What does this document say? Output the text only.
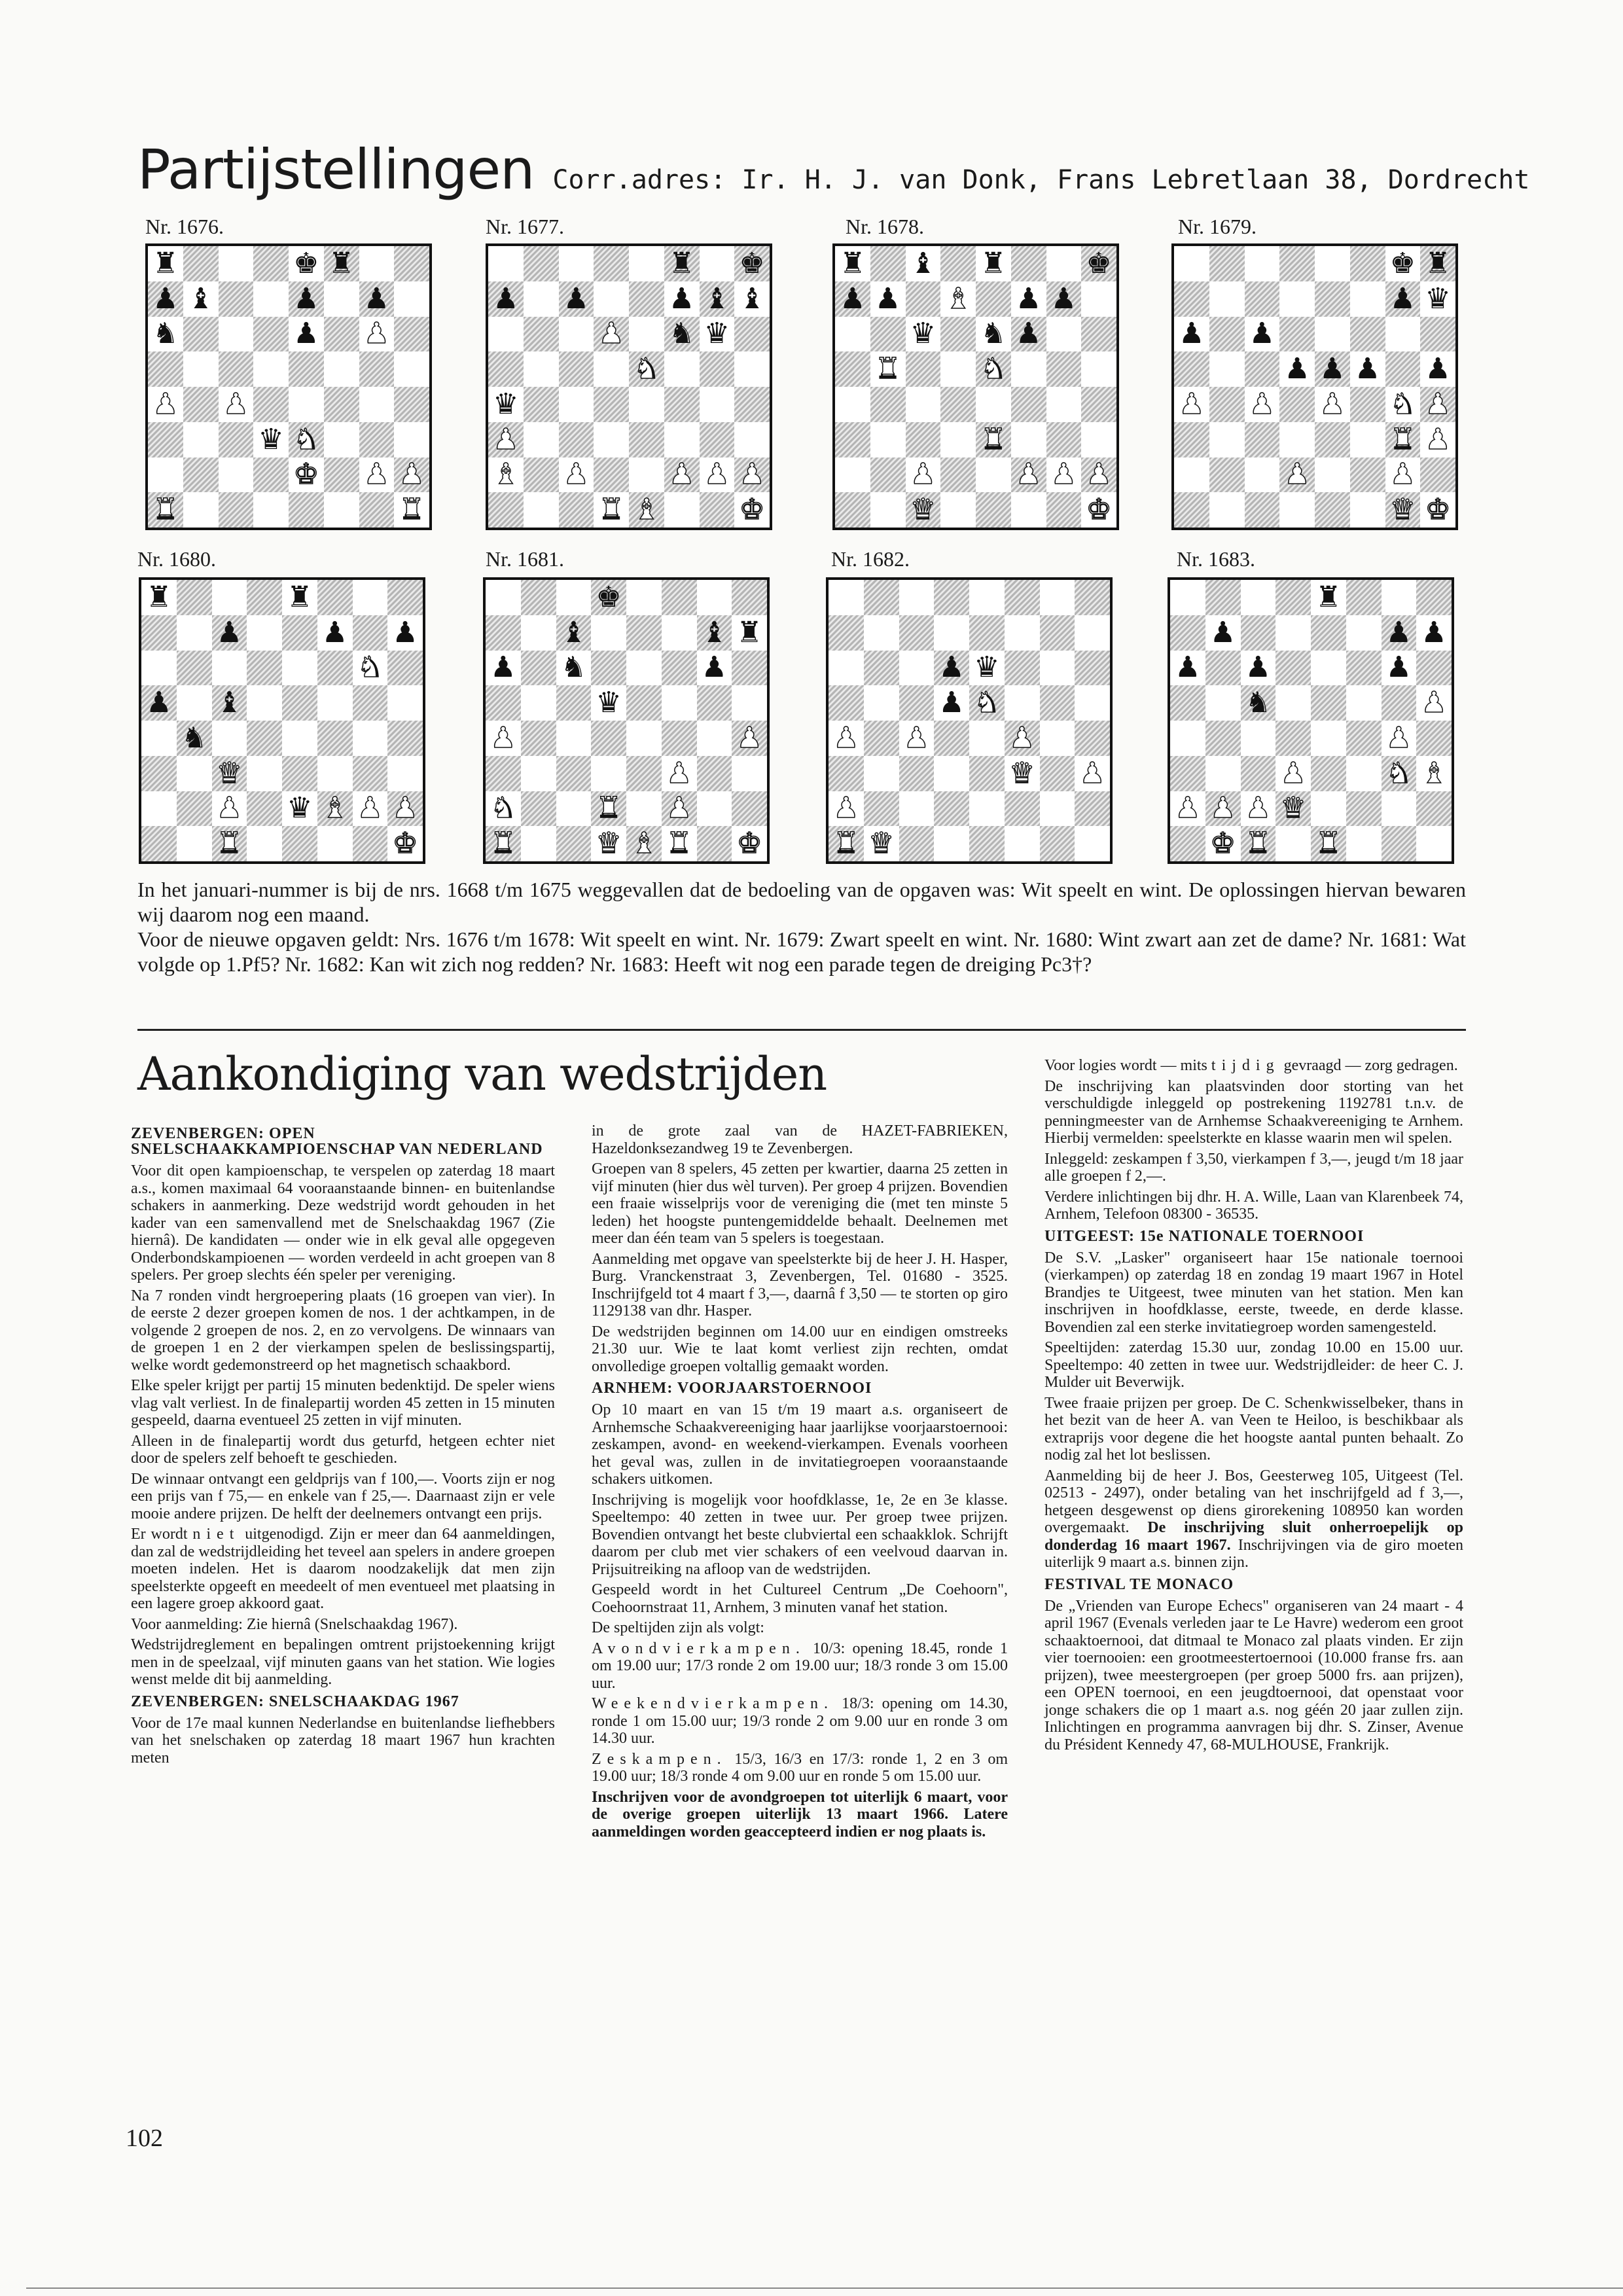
Partijstellingen Corr.adres: Ir. H. J. van Donk, Frans Lebretlaan 38, Dordrecht
Nr. 1676.
♜	♚ ♜
♟ ♝	♟ ♟
♞	♟ ♟
♟ ♟
♛ ♞
♚ ♟ ♟
♜	♜
Nr. 1677.
♜ ♚
♟ ♟	♟ ♝ ♝
♟ ♞ ♛
♞
♛
♟
♝ ♟	♟ ♟ ♟
♜ ♝	♚
Nr. 1678.
♜ ♝ ♜	♚
♟ ♟ ♝ ♟ ♟
♛ ♞ ♟
♜	♞
♜
♟	♟ ♟ ♟
♛	♚
Nr. 1679.
♚ ♜
♟ ♛
♟ ♟
♟ ♟ ♟ ♟
♟ ♟ ♟ ♞ ♟
♜ ♟
♟	♟
♛ ♚
Nr. 1680.
♜	♜
♟	♟ ♟
♞
♟ ♝
♞
♛
♟ ♛ ♝ ♟ ♟
♜	♚
Nr. 1681.
♚
♝	♝ ♜
♟ ♞	♟
♛
♟	♟
♟
♞	♜ ♟
♜	♛ ♝ ♜ ♚
Nr. 1682.
♟ ♛
♟ ♞
♟ ♟	♟
♛ ♟
♟
♜ ♛
Nr. 1683.
♜
♟	♟ ♟
♟ ♟	♟
♞	♟
♟
♟	♞ ♝
♟ ♟ ♟ ♛
♚ ♜ ♜
In het januari-nummer is bij de nrs. 1668 t/m 1675 weggevallen dat de bedoeling van de opgaven was: Wit speelt en wint. De oplossingen hiervan bewaren wij daarom nog een maand.
Voor de nieuwe opgaven geldt: Nrs. 1676 t/m 1678: Wit speelt en wint. Nr. 1679: Zwart speelt en wint. Nr. 1680: Wint zwart aan zet de dame? Nr. 1681: Wat volgde op 1.Pf5? Nr. 1682: Kan wit zich nog redden? Nr. 1683: Heeft wit nog een parade tegen de dreiging Pc3†?
Aankondiging van wedstrijden
ZEVENBERGEN: OPEN SNELSCHAAKKAMPIOENSCHAP VAN NEDERLAND

Voor dit open kampioenschap, te verspelen op zaterdag 18 maart a.s., komen maximaal 64 vooraanstaande binnen- en buitenlandse schakers in aanmerking. Deze wedstrijd wordt gehouden in het kader van een samenvallend met de Snelschaakdag 1967 (Zie hiernâ). De kandidaten — onder wie in elk geval alle opgegeven Onderbondskampioenen — worden verdeeld in acht groepen van 8 spelers. Per groep slechts één speler per vereniging.

Na 7 ronden vindt hergroepering plaats (16 groepen van vier). In de eerste 2 dezer groepen komen de nos. 1 der achtkampen, in de volgende 2 groepen de nos. 2, en zo vervolgens. De winnaars van de groepen 1 en 2 der vierkampen spelen de beslissingspartij, welke wordt gedemonstreerd op het magnetisch schaakbord.

Elke speler krijgt per partij 15 minuten bedenktijd. De speler wiens vlag valt verliest. In de finalepartij worden 45 zetten in 15 minuten gespeeld, daarna eventueel 25 zetten in vijf minuten.

Alleen in de finalepartij wordt dus geturfd, hetgeen echter niet door de spelers zelf behoeft te geschieden.

De winnaar ontvangt een geldprijs van f 100,—. Voorts zijn er nog een prijs van f 75,— en enkele van f 25,—. Daarnaast zijn er vele mooie andere prijzen. De helft der deelnemers ontvangt een prijs.

Er wordt niet uitgenodigd. Zijn er meer dan 64 aanmeldingen, dan zal de wedstrijdleiding het teveel aan spelers in andere groepen moeten indelen. Het is daarom noodzakelijk dat men zijn speelsterkte opgeeft en meedeelt of men eventueel met plaatsing in een lagere groep akkoord gaat.

Voor aanmelding: Zie hiernâ (Snelschaakdag 1967).

Wedstrijdreglement en bepalingen omtrent prijstoekenning krijgt men in de speelzaal, vijf minuten gaans van het station. Wie logies wenst melde dit bij aanmelding.

ZEVENBERGEN: SNELSCHAAKDAG 1967

Voor de 17e maal kunnen Nederlandse en buitenlandse liefhebbers van het snelschaken op zaterdag 18 maart 1967 hun krachten meten

in de grote zaal van de HAZET-FABRIEKEN, Hazeldonksezandweg 19 te Zevenbergen.

Groepen van 8 spelers, 45 zetten per kwartier, daarna 25 zetten in vijf minuten (hier dus wèl turven). Per groep 4 prijzen. Bovendien een fraaie wisselprijs voor de vereniging die (met ten minste 5 leden) het hoogste puntengemiddelde behaalt. Deelnemen met meer dan één team van 5 spelers is toegestaan.

Aanmelding met opgave van speelsterkte bij de heer J. H. Hasper, Burg. Vranckenstraat 3, Zevenbergen, Tel. 01680 - 3525. Inschrijfgeld tot 4 maart f 3,—, daarnâ f 3,50 — te storten op giro 1129138 van dhr. Hasper.

De wedstrijden beginnen om 14.00 uur en eindigen omstreeks 21.30 uur. Wie te laat komt verliest zijn rechten, omdat onvolledige groepen voltallig gemaakt worden.

ARNHEM: VOORJAARSTOERNOOI

Op 10 maart en van 15 t/m 19 maart a.s. organiseert de Arnhemsche Schaakvereeniging haar jaarlijkse voorjaarstoernooi: zeskampen, avond- en weekend-vierkampen. Evenals voorheen het geval was, zullen in de invitatiegroepen vooraanstaande schakers uitkomen.

Inschrijving is mogelijk voor hoofdklasse, 1e, 2e en 3e klasse. Speeltempo: 40 zetten in twee uur. Per groep twee prijzen. Bovendien ontvangt het beste clubviertal een schaakklok. Schrijft daarom per club met vier schakers of een veelvoud daarvan in. Prijsuitreiking na afloop van de wedstrijden.

Gespeeld wordt in het Cultureel Centrum „De Coehoorn", Coehoornstraat 11, Arnhem, 3 minuten vanaf het station.

De speltijden zijn als volgt:

Avondvierkampen. 10/3: opening 18.45, ronde 1 om 19.00 uur; 17/3 ronde 2 om 19.00 uur; 18/3 ronde 3 om 15.00 uur.

Weekendvierkampen. 18/3: opening om 14.30, ronde 1 om 15.00 uur; 19/3 ronde 2 om 9.00 uur en ronde 3 om 14.30 uur.

Zeskampen. 15/3, 16/3 en 17/3: ronde 1, 2 en 3 om 19.00 uur; 18/3 ronde 4 om 9.00 uur en ronde 5 om 15.00 uur.

Inschrijven voor de avondgroepen tot uiterlijk 6 maart, voor de overige groepen uiterlijk 13 maart 1966. Latere aanmeldingen worden geaccepteerd indien er nog plaats is.

Voor logies wordt — mits tijdig gevraagd — zorg gedragen.

De inschrijving kan plaatsvinden door storting van het verschuldigde inleggeld op postrekening 1192781 t.n.v. de penningmeester van de Arnhemse Schaakvereeniging te Arnhem. Hierbij vermelden: speelsterkte en klasse waarin men wil spelen.

Inleggeld: zeskampen f 3,50, vierkampen f 3,—, jeugd t/m 18 jaar alle groepen f 2,—.

Verdere inlichtingen bij dhr. H. A. Wille, Laan van Klarenbeek 74, Arnhem, Telefoon 08300 - 36535.

UITGEEST: 15e NATIONALE TOERNOOI

De S.V. „Lasker" organiseert haar 15e nationale toernooi (vierkampen) op zaterdag 18 en zondag 19 maart 1967 in Hotel Brandjes te Uitgeest, twee minuten van het station. Men kan inschrijven in hoofdklasse, eerste, tweede, en derde klasse. Bovendien zal een sterke invitatiegroep worden samengesteld.

Speeltijden: zaterdag 15.30 uur, zondag 10.00 en 15.00 uur. Speeltempo: 40 zetten in twee uur. Wedstrijdleider: de heer C. J. Mulder uit Beverwijk.

Twee fraaie prijzen per groep. De C. Schenkwisselbeker, thans in het bezit van de heer A. van Veen te Heiloo, is beschikbaar als extraprijs voor degene die het hoogste aantal punten behaalt. Zo nodig zal het lot beslissen.

Aanmelding bij de heer J. Bos, Geesterweg 105, Uitgeest (Tel. 02513 - 2497), onder betaling van het inschrijfgeld ad f 3,—, hetgeen desgewenst op diens girorekening 108950 kan worden overgemaakt. De inschrijving sluit onherroepelijk op donderdag 16 maart 1967. Inschrijvingen via de giro moeten uiterlijk 9 maart a.s. binnen zijn.

FESTIVAL TE MONACO

De „Vrienden van Europe Echecs" organiseren van 24 maart - 4 april 1967 (Evenals verleden jaar te Le Havre) wederom een groot schaaktoernooi, dat ditmaal te Monaco zal plaats vinden. Er zijn vier toernooien: een grootmeestertoernooi (10.000 franse frs. aan prijzen), twee meestergroepen (per groep 5000 frs. aan prijzen), een OPEN toernooi, en een jeugdtoernooi, dat openstaat voor jonge schakers die op 1 maart a.s. nog géén 20 jaar zullen zijn. Inlichtingen en programma aanvragen bij dhr. S. Zinser, Avenue du Président Kennedy 47, 68-MULHOUSE, Frankrijk.

102
